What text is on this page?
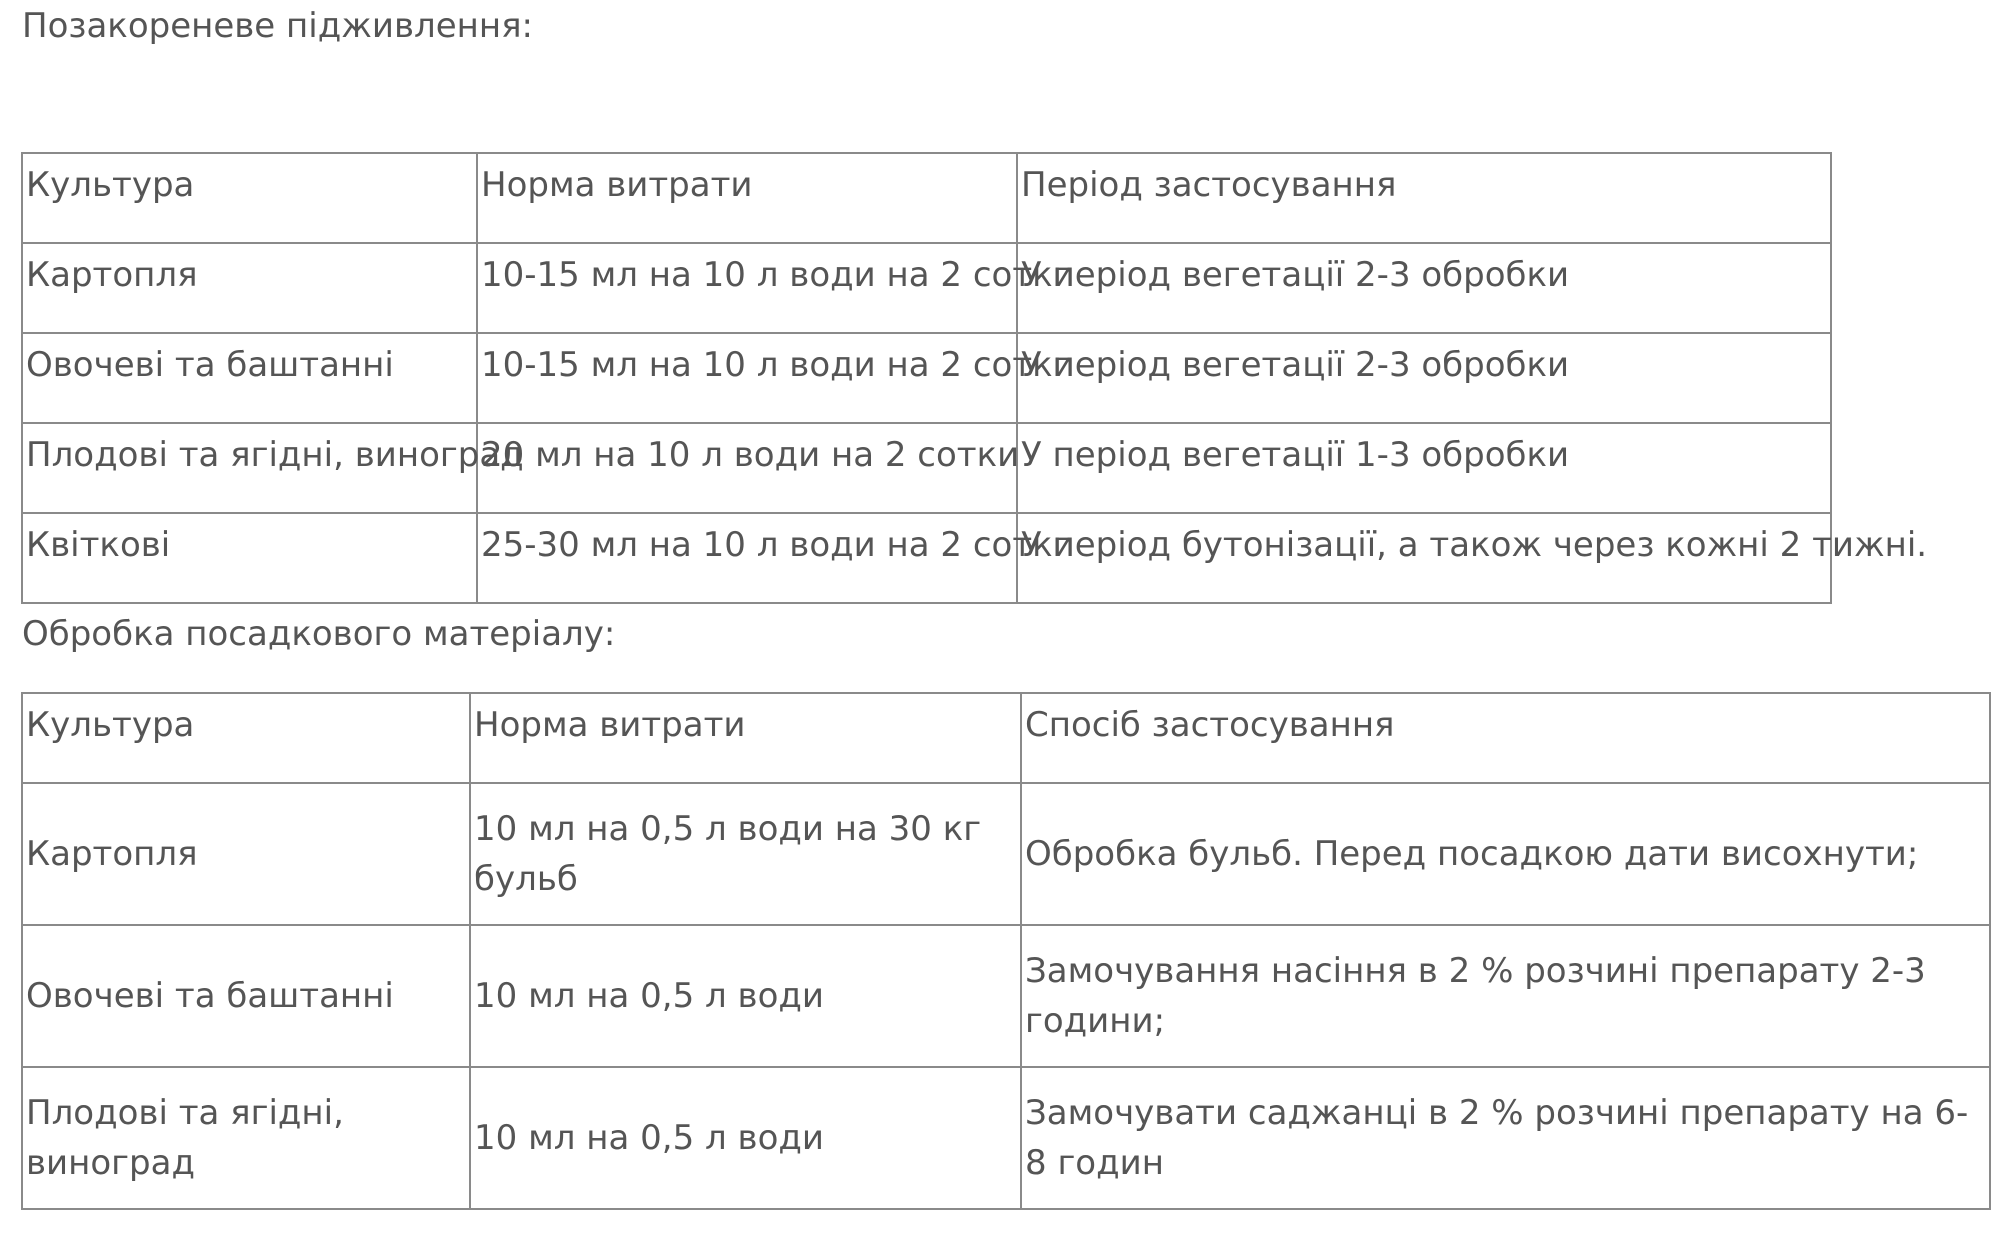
Позакореневе підживлення:
Культура	Норма витрати	Період застосування
Картопля	10-15 мл на 10 л води на 2 сотки	У період вегетації 2-3 обробки
Овочеві та баштанні	10-15 мл на 10 л води на 2 сотки	У період вегетації 2-3 обробки
Плодові та ягідні, виноград	20 мл на 10 л води на 2 сотки	У період вегетації 1-3 обробки
Квіткові	25-30 мл на 10 л води на 2 сотки	У період бутонізації, а також через кожні 2 тижні.
Обробка посадкового матеріалу:
Культура	Норма витрати	Спосіб застосування
Картопля	10 мл на 0,5 л води на 30 кг бульб	Обробка бульб. Перед посадкою дати висохнути;
Овочеві та баштанні	10 мл на 0,5 л води	Замочування насіння в 2 % розчині препарату 2-3 години;
Плодові та ягідні, виноград	10 мл на 0,5 л води	Замочувати саджанці в 2 % розчині препарату на 6-8 годин
